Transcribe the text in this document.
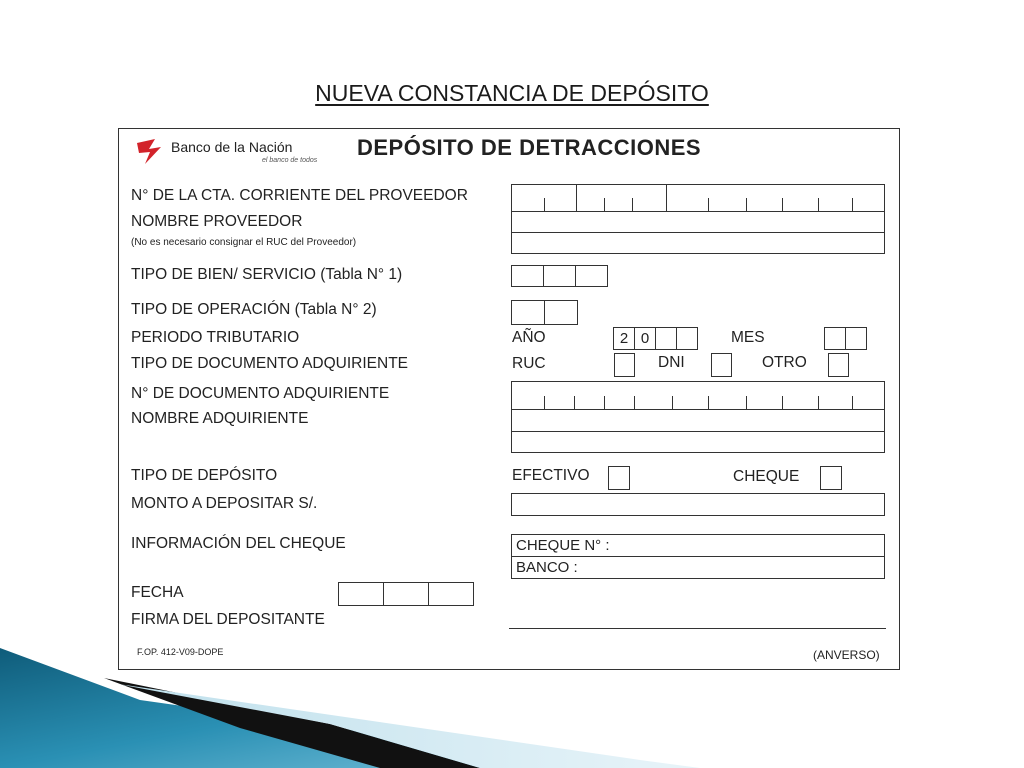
NUEVA CONSTANCIA DE DEPÓSITO
Banco de la Nación
el banco de todos
DEPÓSITO DE DETRACCIONES
N° DE LA CTA. CORRIENTE DEL PROVEEDOR
NOMBRE PROVEEDOR
(No es necesario consignar el RUC del Proveedor)
TIPO DE BIEN/ SERVICIO (Tabla N° 1)
TIPO DE OPERACIÓN (Tabla N° 2)
PERIODO TRIBUTARIO	AÑO	2 0	MES
TIPO DE DOCUMENTO ADQUIRIENTE	RUC	DNI	OTRO
N° DE DOCUMENTO ADQUIRIENTE
NOMBRE ADQUIRIENTE
TIPO DE DEPÓSITO	EFECTIVO	CHEQUE
MONTO A DEPOSITAR S/.
INFORMACIÓN DEL CHEQUE	CHEQUE N° :
BANCO :
FECHA
FIRMA DEL DEPOSITANTE
F.OP. 412-V09-DOPE	(ANVERSO)
